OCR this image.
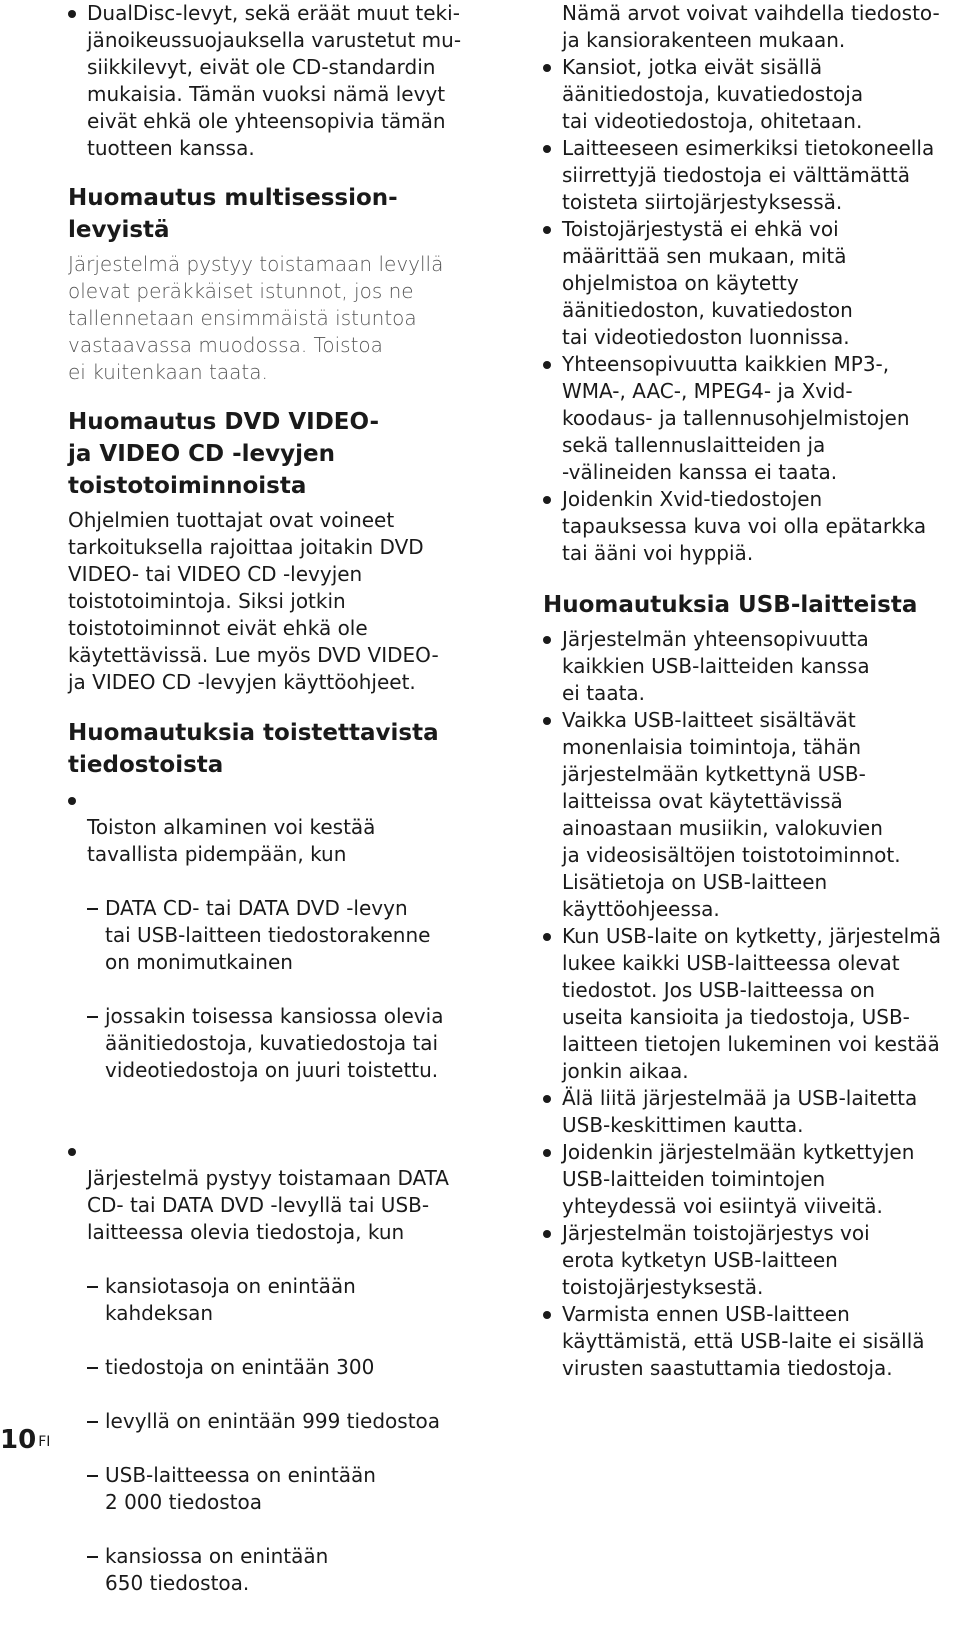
DualDisc-levyt, sekä eräät muut teki-
jänoikeussuojauksella varustetut mu-
siikkilevyt, eivät ole CD-standardin
mukaisia. Tämän vuoksi nämä levyt
eivät ehkä ole yhteensopivia tämän
tuotteen kanssa.
Huomautus multisession-
levyistä
Järjestelmä pystyy toistamaan levyllä
olevat peräkkäiset istunnot, jos ne
tallennetaan ensimmäistä istuntoa
vastaavassa muodossa. Toistoa
ei kuitenkaan taata.
Huomautus DVD VIDEO-
ja VIDEO CD -levyjen
toistotoiminnoista
Ohjelmien tuottajat ovat voineet
tarkoituksella rajoittaa joitakin DVD
VIDEO- tai VIDEO CD -levyjen
toistotoimintoja. Siksi jotkin
toistotoiminnot eivät ehkä ole
käytettävissä. Lue myös DVD VIDEO-
ja VIDEO CD -levyjen käyttöohjeet.
Huomautuksia toistettavista
tiedostoista

Toiston alkaminen voi kestää
tavallista pidempään, kun

DATA CD- tai DATA DVD -levyn
tai USB-laitteen tiedostorakenne
on monimutkainen

jossakin toisessa kansiossa olevia
äänitiedostoja, kuvatiedostoja tai
videotiedostoja on juuri toistettu.

Järjestelmä pystyy toistamaan DATA
CD- tai DATA DVD -levyllä tai USB-
laitteessa olevia tiedostoja, kun

kansiotasoja on enintään
kahdeksan

tiedostoja on enintään 300

levyllä on enintään 999 tiedostoa

USB-laitteessa on enintään
2 000 tiedostoa

kansiossa on enintään
650 tiedostoa.

Nämä arvot voivat vaihdella tiedosto-
ja kansiorakenteen mukaan.
Kansiot, jotka eivät sisällä
äänitiedostoja, kuvatiedostoja
tai videotiedostoja, ohitetaan.
Laitteeseen esimerkiksi tietokoneella
siirrettyjä tiedostoja ei välttämättä
toisteta siirtojärjestyksessä.
Toistojärjestystä ei ehkä voi
määrittää sen mukaan, mitä
ohjelmistoa on käytetty
äänitiedoston, kuvatiedoston
tai videotiedoston luonnissa.
Yhteensopivuutta kaikkien MP3-,
WMA-, AAC-, MPEG4- ja Xvid-
koodaus- ja tallennusohjelmistojen
sekä tallennuslaitteiden ja
-välineiden kanssa ei taata.
Joidenkin Xvid-tiedostojen
tapauksessa kuva voi olla epätarkka
tai ääni voi hyppiä.
Huomautuksia USB-laitteista
Järjestelmän yhteensopivuutta
kaikkien USB-laitteiden kanssa
ei taata.
Vaikka USB-laitteet sisältävät
monenlaisia toimintoja, tähän
järjestelmään kytkettynä USB-
laitteissa ovat käytettävissä
ainoastaan musiikin, valokuvien
ja videosisältöjen toistotoiminnot.
Lisätietoja on USB-laitteen
käyttöohjeessa.
Kun USB-laite on kytketty, järjestelmä
lukee kaikki USB-laitteessa olevat
tiedostot. Jos USB-laitteessa on
useita kansioita ja tiedostoja, USB-
laitteen tietojen lukeminen voi kestää
jonkin aikaa.
Älä liitä järjestelmää ja USB-laitetta
USB-keskittimen kautta.
Joidenkin järjestelmään kytkettyjen
USB-laitteiden toimintojen
yhteydessä voi esiintyä viiveitä.
Järjestelmän toistojärjestys voi
erota kytketyn USB-laitteen
toistojärjestyksestä.
Varmista ennen USB-laitteen
käyttämistä, että USB-laite ei sisällä
virusten saastuttamia tiedostoja.
10 $^{FI}$
